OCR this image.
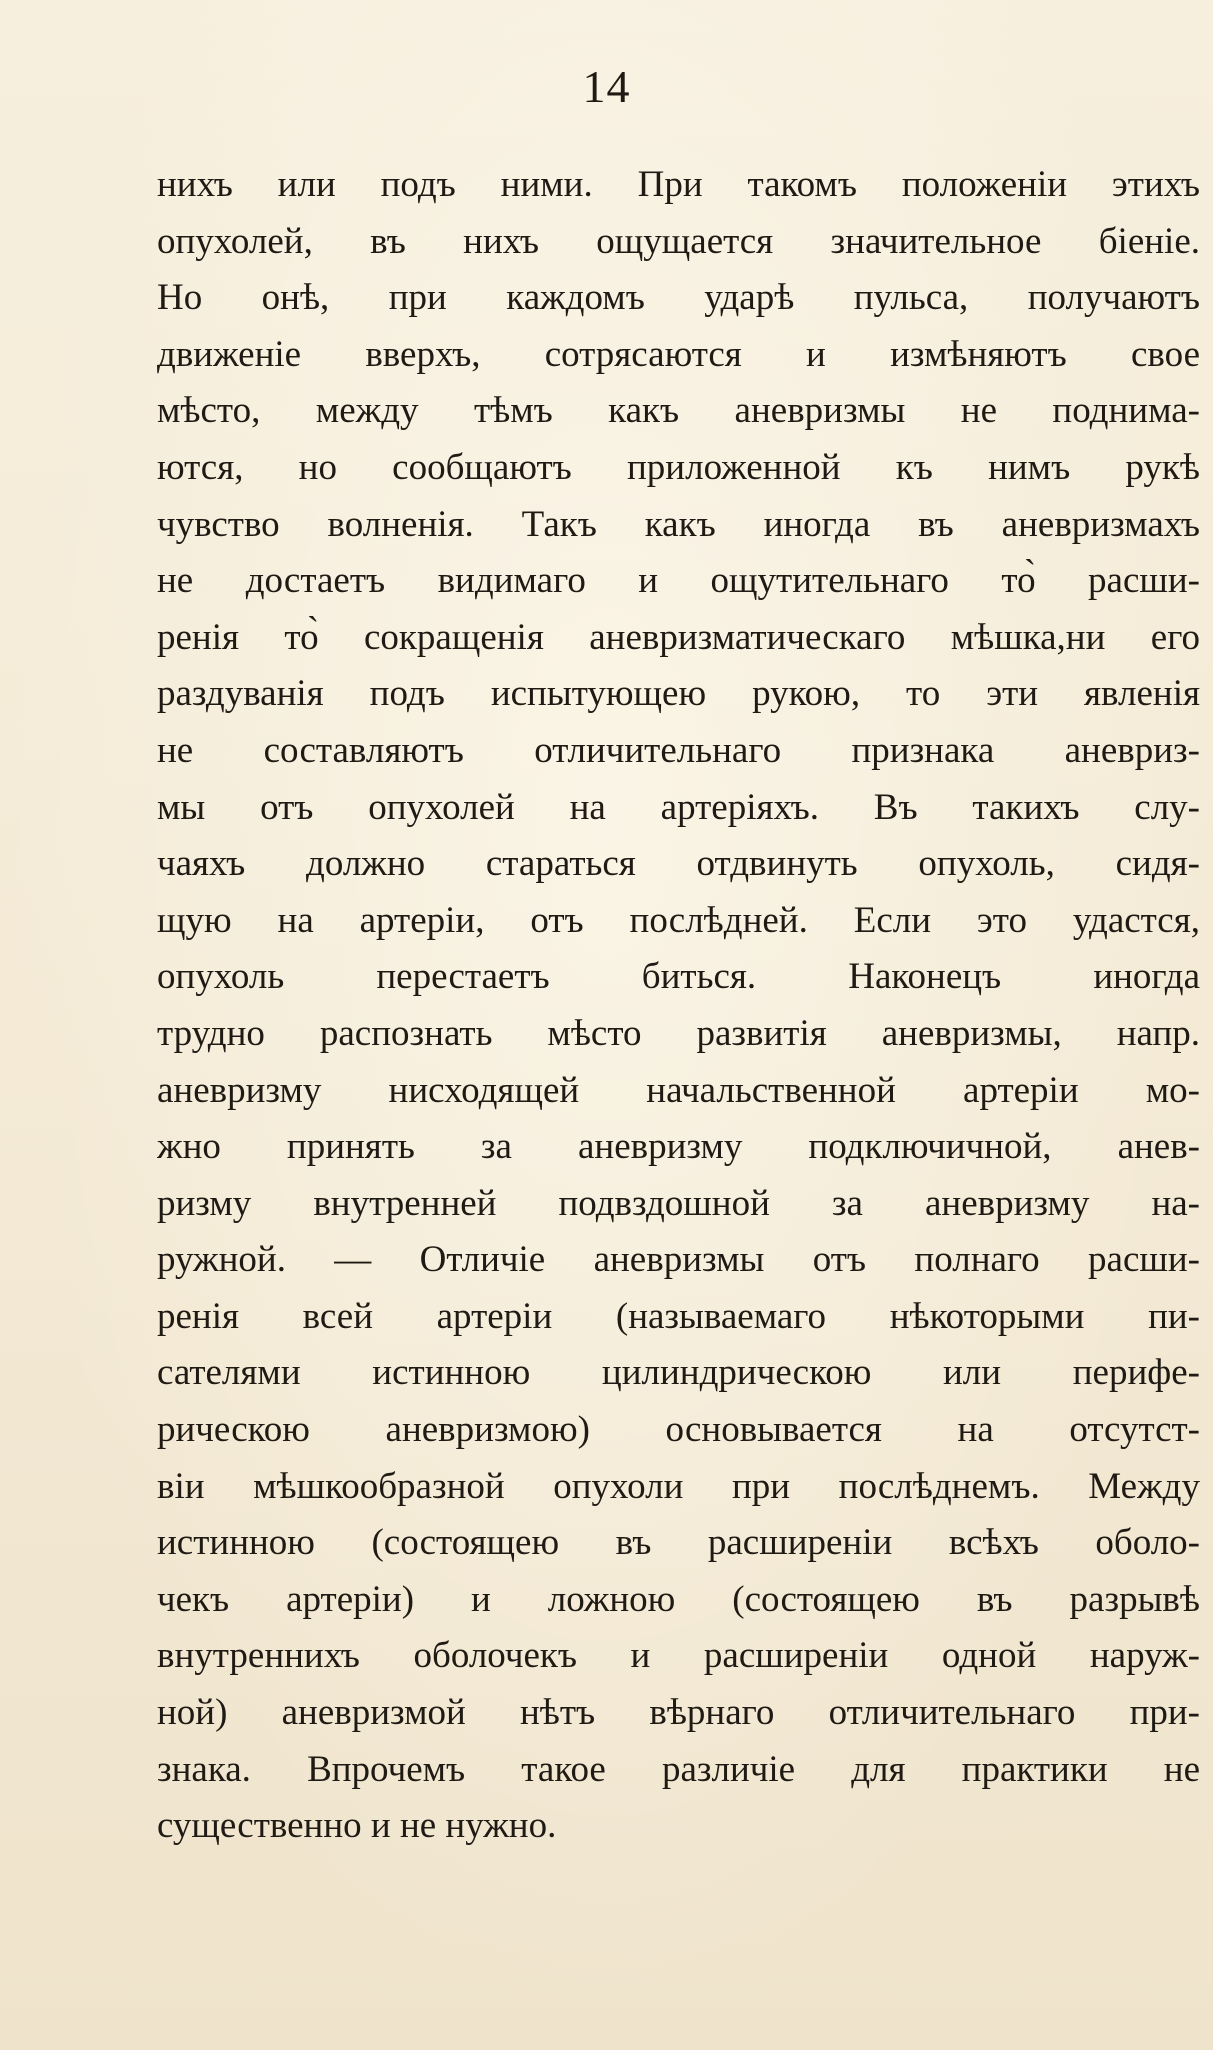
14
нихъ или подъ ними. При такомъ положеніи этихъ
опухолей, въ нихъ ощущается значительное біеніе.
Но онѣ, при каждомъ ударѣ пульса, получаютъ
движеніе вверхъ, сотрясаются и измѣняютъ свое
мѣсто, между тѣмъ какъ аневризмы не поднима-
ются, но сообщаютъ приложенной къ нимъ рукѣ
чувство волненія. Такъ какъ иногда въ аневризмахъ
не достаетъ видимаго и ощутительнаго то̀ расши-
ренія то̀ сокращенія аневризматическаго мѣшка,ни его
раздуванія подъ испытующею рукою, то эти явленія
не составляютъ отличительнаго признака аневриз-
мы отъ опухолей на артеріяхъ. Въ такихъ слу-
чаяхъ должно стараться отдвинуть опухоль, сидя-
щую на артеріи, отъ послѣдней. Если это удастся,
опухоль перестаетъ биться. Наконецъ иногда
трудно распознать мѣсто развитія аневризмы, напр.
аневризму нисходящей начальственной артеріи мо-
жно принять за аневризму подключичной, анев-
ризму внутренней подвздошной за аневризму на-
ружной. — Отличіе аневризмы отъ полнаго расши-
ренія всей артеріи (называемаго нѣкоторыми пи-
сателями истинною цилиндрическою или перифе-
рическою аневризмою) основывается на отсутст-
віи мѣшкообразной опухоли при послѣднемъ. Между
истинною (состоящею въ расширеніи всѣхъ оболо-
чекъ артеріи) и ложною (состоящею въ разрывѣ
внутреннихъ оболочекъ и расширеніи одной наруж-
ной) аневризмой нѣтъ вѣрнаго отличительнаго при-
знака. Впрочемъ такое различіе для практики не
существенно и не нужно.
